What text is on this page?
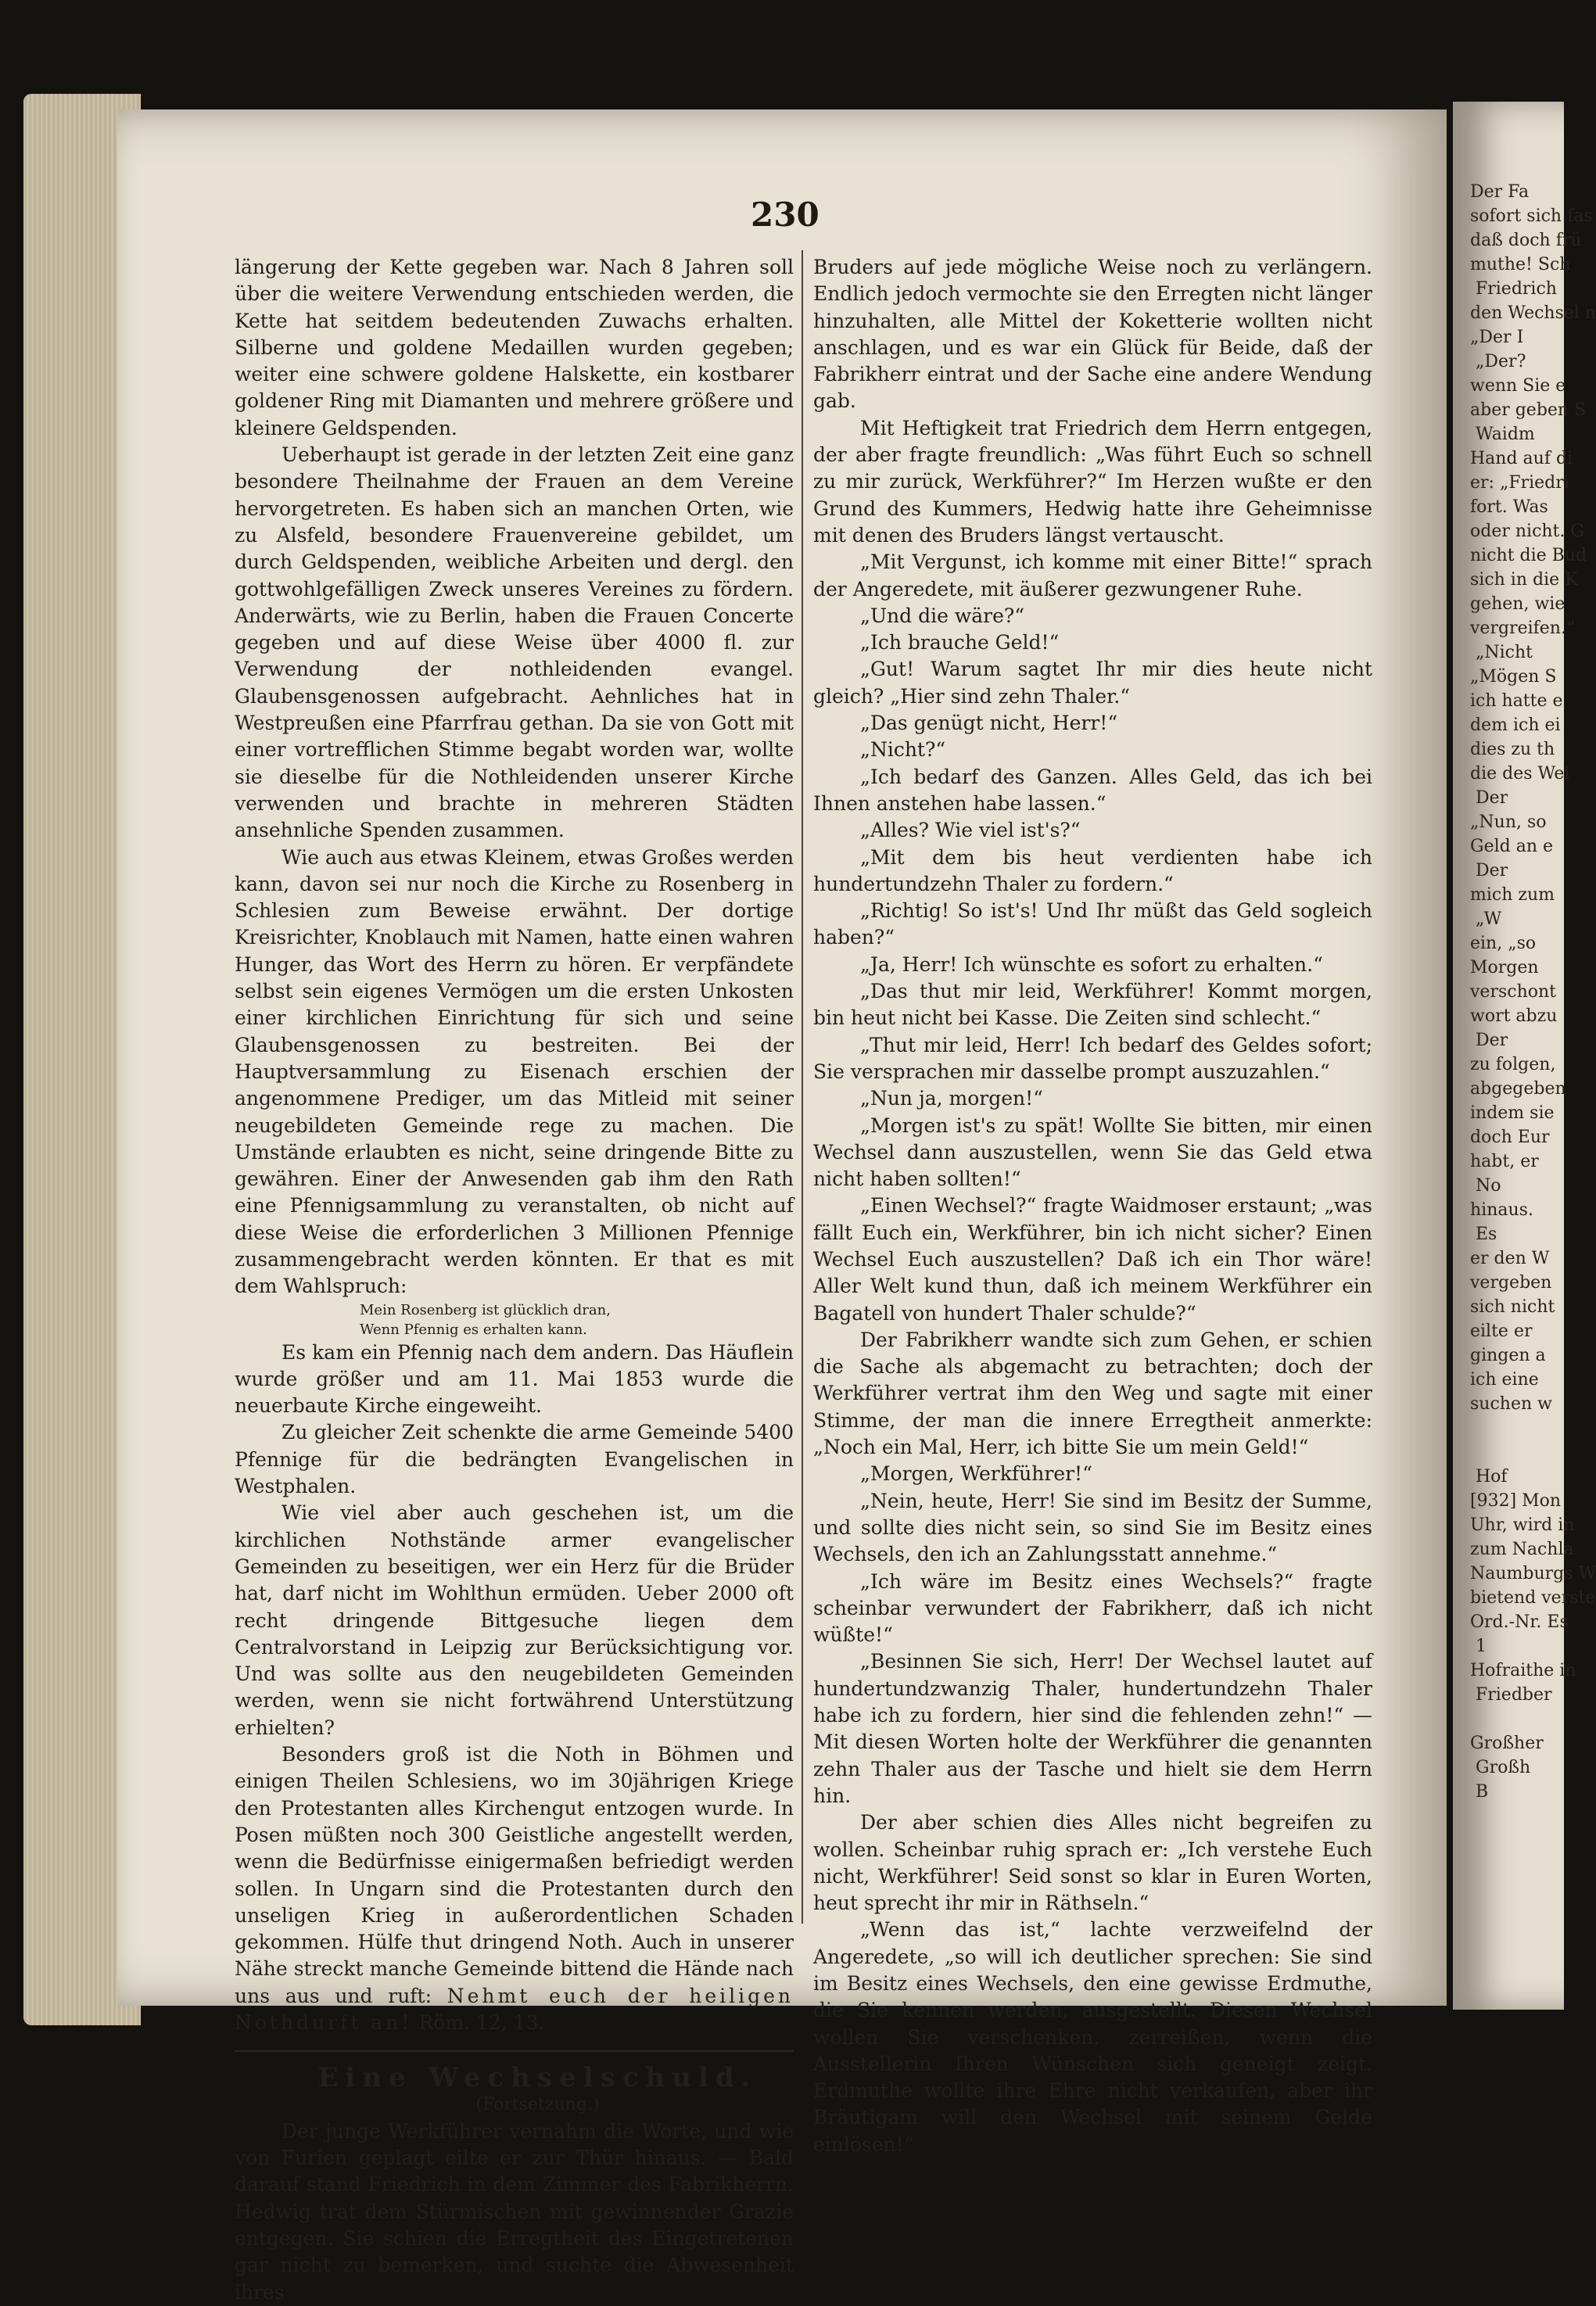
Der Fa
sofort sich fas
daß doch frü
muthe! Sch
Friedrich
den Wechsel n
„Der I
„Der?
wenn Sie e
aber geben S
Waidm
Hand auf di
er: „Friedri
fort. Was
oder nicht. G
nicht die Bud
sich in die K
gehen, wie
vergreifen.“
„Nicht
„Mögen S
ich hatte e
dem ich ei
dies zu th
die des Wei
Der
„Nun, so
Geld an e
Der
mich zum
„W
ein, „so
Morgen
verschont
wort abzu
Der
zu folgen,
abgegeben
indem sie
doch Eur
habt, er
No
hinaus.
Es
er den W
vergeben
sich nicht
eilte er
gingen a
ich eine
suchen w

Hof
[932] Mon
Uhr, wird in
zum Nachla
Naumburgs W
bietend verste
Ord.-Nr. Es
1
Hofraithe in
Friedber

Großher
Großh
B
230

längerung der Kette gegeben war. Nach 8 Jahren soll über die weitere Verwendung entschieden werden, die Kette hat seitdem bedeutenden Zuwachs erhalten. Silberne und goldene Medaillen wurden gegeben; weiter eine schwere goldene Halskette, ein kostbarer goldener Ring mit Diamanten und mehrere größere und kleinere Geldspenden.

Ueberhaupt ist gerade in der letzten Zeit eine ganz besondere Theilnahme der Frauen an dem Vereine hervorgetreten. Es haben sich an manchen Orten, wie zu Alsfeld, besondere Frauenvereine gebildet, um durch Geldspenden, weibliche Arbeiten und dergl. den gottwohlgefälligen Zweck unseres Vereines zu fördern. Anderwärts, wie zu Berlin, haben die Frauen Concerte gegeben und auf diese Weise über 4000 fl. zur Verwendung der nothleidenden evangel. Glaubensgenossen aufgebracht. Aehnliches hat in Westpreußen eine Pfarrfrau gethan. Da sie von Gott mit einer vortrefflichen Stimme begabt worden war, wollte sie dieselbe für die Nothleidenden unserer Kirche verwenden und brachte in mehreren Städten ansehnliche Spenden zusammen.

Wie auch aus etwas Kleinem, etwas Großes werden kann, davon sei nur noch die Kirche zu Rosenberg in Schlesien zum Beweise erwähnt. Der dortige Kreisrichter, Knoblauch mit Namen, hatte einen wahren Hunger, das Wort des Herrn zu hören. Er verpfändete selbst sein eigenes Vermögen um die ersten Unkosten einer kirchlichen Einrichtung für sich und seine Glaubensgenossen zu bestreiten. Bei der Hauptversammlung zu Eisenach erschien der angenommene Prediger, um das Mitleid mit seiner neugebildeten Gemeinde rege zu machen. Die Umstände erlaubten es nicht, seine dringende Bitte zu gewähren. Einer der Anwesenden gab ihm den Rath eine Pfennigsammlung zu veranstalten, ob nicht auf diese Weise die erforderlichen 3 Millionen Pfennige zusammengebracht werden könnten. Er that es mit dem Wahlspruch:

Mein Rosenberg ist glücklich dran,

Wenn Pfennig es erhalten kann.

Es kam ein Pfennig nach dem andern. Das Häuflein wurde größer und am 11. Mai 1853 wurde die neuerbaute Kirche eingeweiht.

Zu gleicher Zeit schenkte die arme Gemeinde 5400 Pfennige für die bedrängten Evangelischen in Westphalen.

Wie viel aber auch geschehen ist, um die kirchlichen Nothstände armer evangelischer Gemeinden zu beseitigen, wer ein Herz für die Brüder hat, darf nicht im Wohlthun ermüden. Ueber 2000 oft recht dringende Bittgesuche liegen dem Centralvorstand in Leipzig zur Berücksichtigung vor. Und was sollte aus den neugebildeten Gemeinden werden, wenn sie nicht fortwährend Unterstützung erhielten?

Besonders groß ist die Noth in Böhmen und einigen Theilen Schlesiens, wo im 30jährigen Kriege den Protestanten alles Kirchengut entzogen wurde. In Posen müßten noch 300 Geistliche angestellt werden, wenn die Bedürfnisse einigermaßen befriedigt werden sollen. In Ungarn sind die Protestanten durch den unseligen Krieg in außerordentlichen Schaden gekommen. Hülfe thut dringend Noth. Auch in unserer Nähe streckt manche Gemeinde bittend die Hände nach uns aus und ruft: Nehmt euch der heiligen Nothdurft an! Röm. 12, 13.

Eine Wechselschuld.

(Fortsetzung.)

Der junge Werkführer vernahm die Worte, und wie von Furien geplagt eilte er zur Thür hinaus. — Bald darauf stand Friedrich in dem Zimmer des Fabrikherrn. Hedwig trat dem Stürmischen mit gewinnender Grazie entgegen. Sie schien die Erregtheit des Eingetretenen gar nicht zu bemerken, und suchte die Abwesenheit ihres

Bruders auf jede mögliche Weise noch zu verlängern. Endlich jedoch vermochte sie den Erregten nicht länger hinzuhalten, alle Mittel der Koketterie wollten nicht anschlagen, und es war ein Glück für Beide, daß der Fabrikherr eintrat und der Sache eine andere Wendung gab.

Mit Heftigkeit trat Friedrich dem Herrn entgegen, der aber fragte freundlich: „Was führt Euch so schnell zu mir zurück, Werkführer?“ Im Herzen wußte er den Grund des Kummers, Hedwig hatte ihre Geheimnisse mit denen des Bruders längst vertauscht.

„Mit Vergunst, ich komme mit einer Bitte!“ sprach der Angeredete, mit äußerer gezwungener Ruhe.

„Und die wäre?“

„Ich brauche Geld!“

„Gut! Warum sagtet Ihr mir dies heute nicht gleich? „Hier sind zehn Thaler.“

„Das genügt nicht, Herr!“

„Nicht?“

„Ich bedarf des Ganzen. Alles Geld, das ich bei Ihnen anstehen habe lassen.“

„Alles? Wie viel ist's?“

„Mit dem bis heut verdienten habe ich hundertundzehn Thaler zu fordern.“

„Richtig! So ist's! Und Ihr müßt das Geld sogleich haben?“

„Ja, Herr! Ich wünschte es sofort zu erhalten.“

„Das thut mir leid, Werkführer! Kommt morgen, bin heut nicht bei Kasse. Die Zeiten sind schlecht.“

„Thut mir leid, Herr! Ich bedarf des Geldes sofort; Sie versprachen mir dasselbe prompt auszuzahlen.“

„Nun ja, morgen!“

„Morgen ist's zu spät! Wollte Sie bitten, mir einen Wechsel dann auszustellen, wenn Sie das Geld etwa nicht haben sollten!“

„Einen Wechsel?“ fragte Waidmoser erstaunt; „was fällt Euch ein, Werkführer, bin ich nicht sicher? Einen Wechsel Euch auszustellen? Daß ich ein Thor wäre! Aller Welt kund thun, daß ich meinem Werkführer ein Bagatell von hundert Thaler schulde?“

Der Fabrikherr wandte sich zum Gehen, er schien die Sache als abgemacht zu betrachten; doch der Werkführer vertrat ihm den Weg und sagte mit einer Stimme, der man die innere Erregtheit anmerkte: „Noch ein Mal, Herr, ich bitte Sie um mein Geld!“

„Morgen, Werkführer!“

„Nein, heute, Herr! Sie sind im Besitz der Summe, und sollte dies nicht sein, so sind Sie im Besitz eines Wechsels, den ich an Zahlungsstatt annehme.“

„Ich wäre im Besitz eines Wechsels?“ fragte scheinbar verwundert der Fabrikherr, daß ich nicht wüßte!“

„Besinnen Sie sich, Herr! Der Wechsel lautet auf hundertundzwanzig Thaler, hundertundzehn Thaler habe ich zu fordern, hier sind die fehlenden zehn!“ — Mit diesen Worten holte der Werkführer die genannten zehn Thaler aus der Tasche und hielt sie dem Herrn hin.

Der aber schien dies Alles nicht begreifen zu wollen. Scheinbar ruhig sprach er: „Ich verstehe Euch nicht, Werkführer! Seid sonst so klar in Euren Worten, heut sprecht ihr mir in Räthseln.“

„Wenn das ist,“ lachte verzweifelnd der Angeredete, „so will ich deutlicher sprechen: Sie sind im Besitz eines Wechsels, den eine gewisse Erdmuthe, die Sie kennen werden, ausgestellt. Diesen Wechsel wollen Sie verschenken, zerreißen, wenn die Ausstellerin Ihren Wünschen sich geneigt zeigt. Erdmuthe wollte ihre Ehre nicht verkaufen, aber ihr Bräutigam will den Wechsel mit seinem Gelde einlösen!“
